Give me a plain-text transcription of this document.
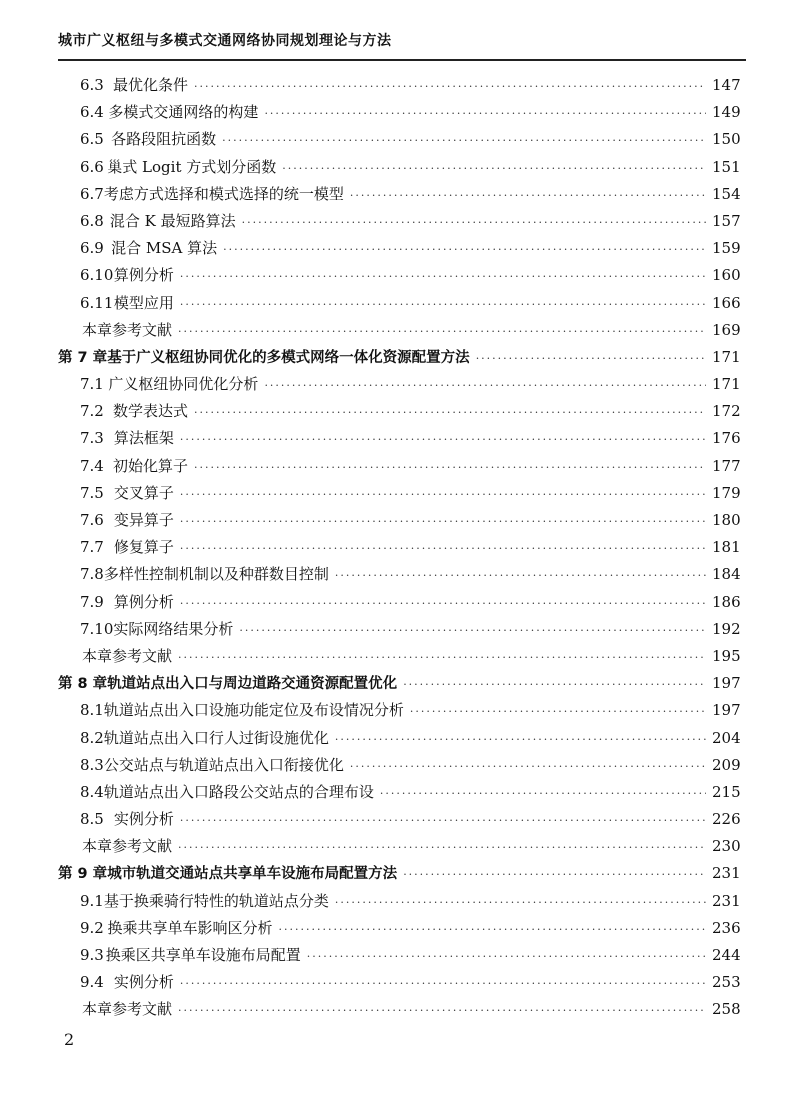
城市广义枢纽与多模式交通网络协同规划理论与方法
6.3 最优化条件 ·····	147
6.4 多模式交通网络的构建 ·····	149
6.5 各路段阻抗函数 ·····	150
6.6 巢式 Logit 方式划分函数 ·····	151
6.7 考虑方式选择和模式选择的统一模型 ·····	154
6.8 混合 K 最短路算法 ·····	157
6.9 混合 MSA 算法 ·····	159
6.10 算例分析 ·····	160
6.11 模型应用 ·····	166
本章参考文献 ·····	169
第 7 章 基于广义枢纽协同优化的多模式网络一体化资源配置方法 ·····	171
7.1 广义枢纽协同优化分析 ·····	171
7.2 数学表达式 ·····	172
7.3 算法框架 ·····	176
7.4 初始化算子 ·····	177
7.5 交叉算子 ·····	179
7.6 变异算子 ·····	180
7.7 修复算子 ·····	181
7.8 多样性控制机制以及种群数目控制 ·····	184
7.9 算例分析 ·····	186
7.10 实际网络结果分析 ·····	192
本章参考文献 ·····	195
第 8 章 轨道站点出入口与周边道路交通资源配置优化 ·····	197
8.1 轨道站点出入口设施功能定位及布设情况分析 ·····	197
8.2 轨道站点出入口行人过街设施优化 ·····	204
8.3 公交站点与轨道站点出入口衔接优化 ·····	209
8.4 轨道站点出入口路段公交站点的合理布设 ·····	215
8.5 实例分析 ·····	226
本章参考文献 ·····	230
第 9 章 城市轨道交通站点共享单车设施布局配置方法 ·····	231
9.1 基于换乘骑行特性的轨道站点分类 ·····	231
9.2 换乘共享单车影响区分析 ·····	236
9.3 换乘区共享单车设施布局配置 ·····	244
9.4 实例分析 ·····	253
本章参考文献 ·····	258
2
